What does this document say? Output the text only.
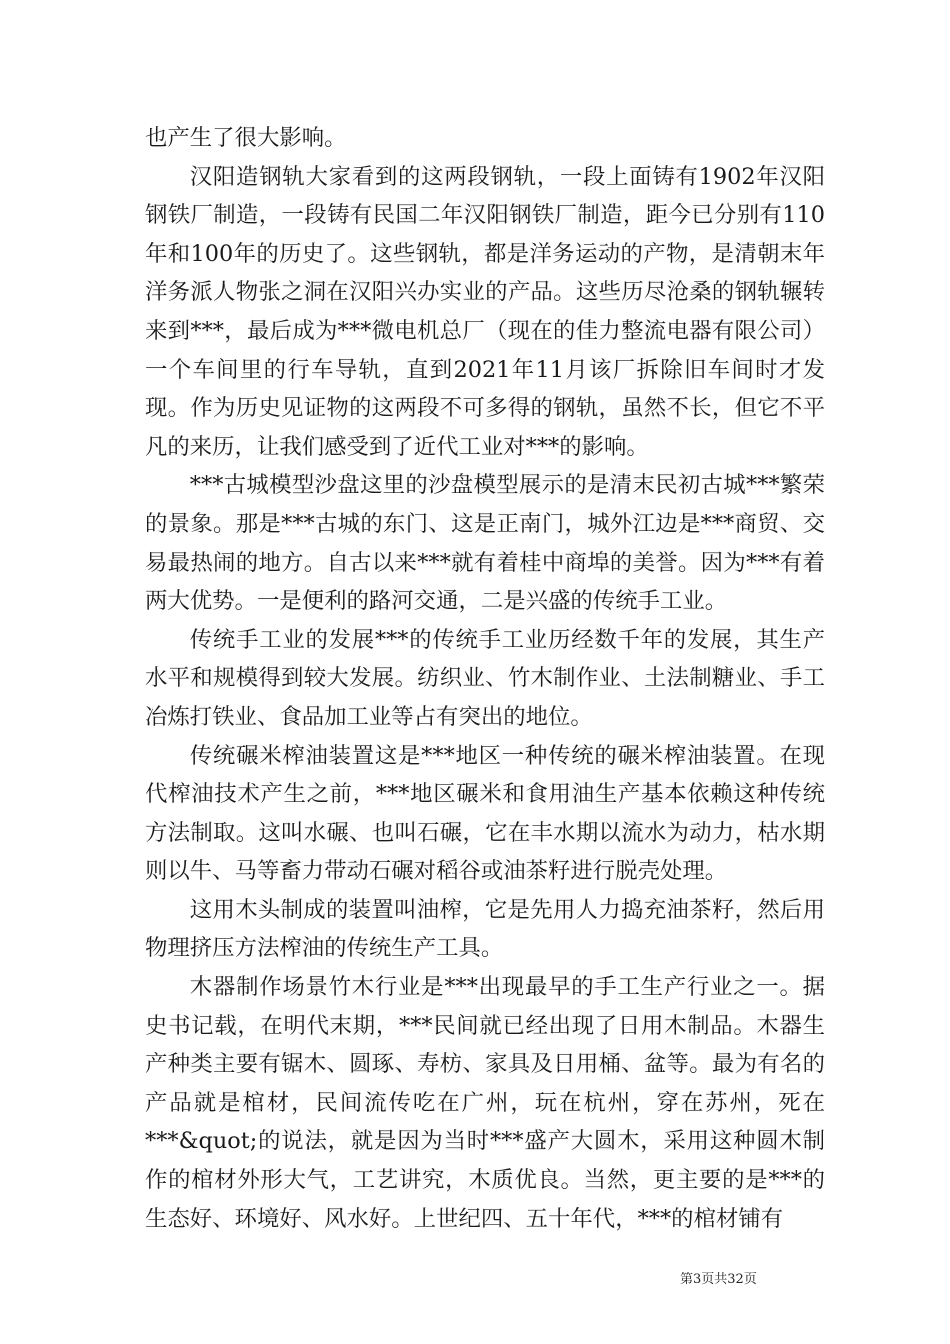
也产生了很大影响。

汉阳造钢轨大家看到的这两段钢轨，一段上面铸有1902年汉阳钢铁厂制造，一段铸有民国二年汉阳钢铁厂制造，距今已分别有110年和100年的历史了。这些钢轨，都是洋务运动的产物，是清朝末年洋务派人物张之洞在汉阳兴办实业的产品。这些历尽沧桑的钢轨辗转来到***，最后成为***微电机总厂（现在的佳力整流电器有限公司）一个车间里的行车导轨，直到2021年11月该厂拆除旧车间时才发现。作为历史见证物的这两段不可多得的钢轨，虽然不长，但它不平凡的来历，让我们感受到了近代工业对***的影响。

***古城模型沙盘这里的沙盘模型展示的是清末民初古城***繁荣的景象。那是***古城的东门、这是正南门，城外江边是***商贸、交易最热闹的地方。自古以来***就有着桂中商埠的美誉。因为***有着两大优势。一是便利的路河交通，二是兴盛的传统手工业。

传统手工业的发展***的传统手工业历经数千年的发展，其生产水平和规模得到较大发展。纺织业、竹木制作业、土法制糖业、手工冶炼打铁业、食品加工业等占有突出的地位。

传统碾米榨油装置这是***地区一种传统的碾米榨油装置。在现代榨油技术产生之前，***地区碾米和食用油生产基本依赖这种传统方法制取。这叫水碾、也叫石碾，它在丰水期以流水为动力，枯水期则以牛、马等畜力带动石碾对稻谷或油茶籽进行脱壳处理。

这用木头制成的装置叫油榨，它是先用人力捣充油茶籽，然后用物理挤压方法榨油的传统生产工具。

木器制作场景竹木行业是***出现最早的手工生产行业之一。据史书记载，在明代末期，***民间就已经出现了日用木制品。木器生产种类主要有锯木、圆琢、寿枋、家具及日用桶、盆等。最为有名的产品就是棺材，民间流传吃在广州，玩在杭州，穿在苏州，死在***&quot;的说法，就是因为当时***盛产大圆木，采用这种圆木制作的棺材外形大气，工艺讲究，木质优良。当然，更主要的是***的生态好、环境好、风水好。上世纪四、五十年代，***的棺材铺有

第3页共32页
